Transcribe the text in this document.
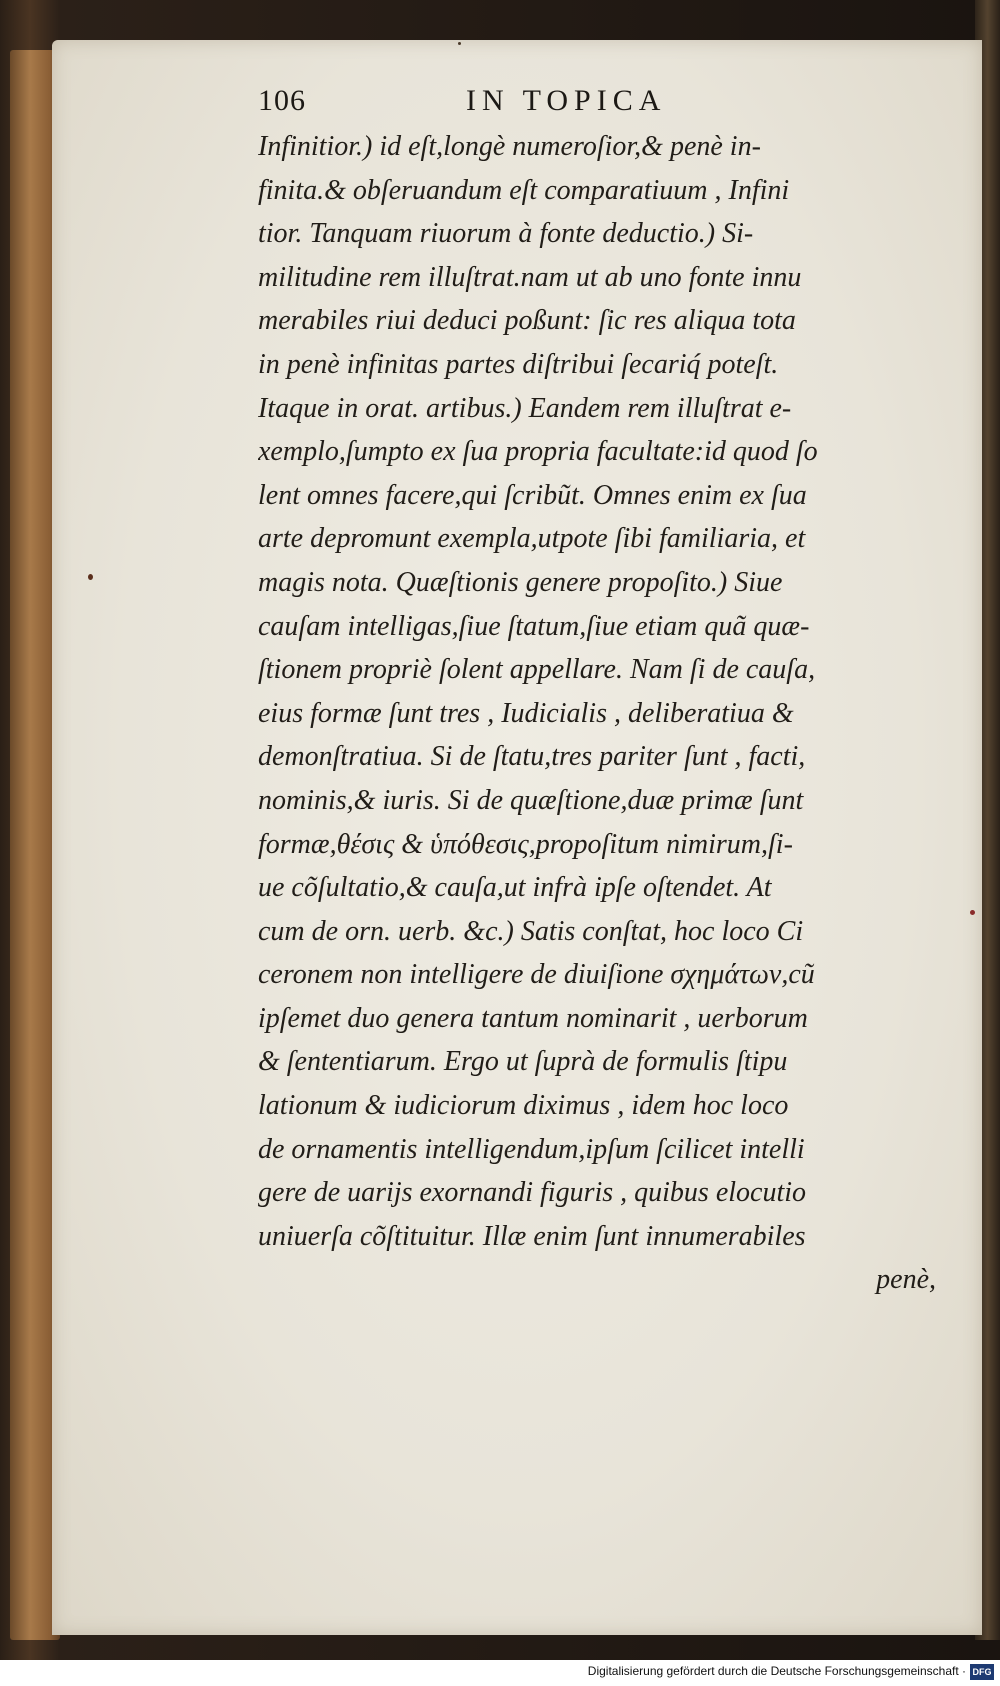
106	IN TOPICA
Infinitior.) id eſt,longè numeroſior,& penè in-
finita.& obſeruandum eſt comparatiuum , Infini
tior. Tanquam riuorum à fonte deductio.) Si-
militudine rem illuſtrat.nam ut ab uno fonte innu
merabiles riui deduci poßunt: ſic res aliqua tota
in penè infinitas partes diſtribui ſecariq́ poteſt.
Itaque in orat. artibus.) Eandem rem illuſtrat e-
xemplo,ſumpto ex ſua propria facultate:id quod ſo
lent omnes facere,qui ſcribũt. Omnes enim ex ſua
arte depromunt exempla,utpote ſibi familiaria, et
magis nota. Quæſtionis genere propoſito.) Siue
cauſam intelligas,ſiue ſtatum,ſiue etiam quã quæ-
ſtionem propriè ſolent appellare. Nam ſi de cauſa,
eius formæ ſunt tres , Iudicialis , deliberatiua &
demonſtratiua. Si de ſtatu,tres pariter ſunt , facti,
nominis,& iuris. Si de quæſtione,duæ primæ ſunt
formæ,θέσις & ὑπόθεσις,propoſitum nimirum,ſi-
ue cõſultatio,& cauſa,ut infrà ipſe oſtendet. At
cum de orn. uerb. &c.) Satis conſtat, hoc loco Ci
ceronem non intelligere de diuiſione σχημάτων,cũ
ipſemet duo genera tantum nominarit , uerborum
& ſententiarum. Ergo ut ſuprà de formulis ſtipu
lationum & iudiciorum diximus , idem hoc loco
de ornamentis intelligendum,ipſum ſcilicet intelli
gere de uarijs exornandi figuris , quibus elocutio
uniuerſa cõſtituitur. Illæ enim ſunt innumerabiles
penè,
Digitalisierung gefördert durch die Deutsche Forschungsgemeinschaft · DFG
